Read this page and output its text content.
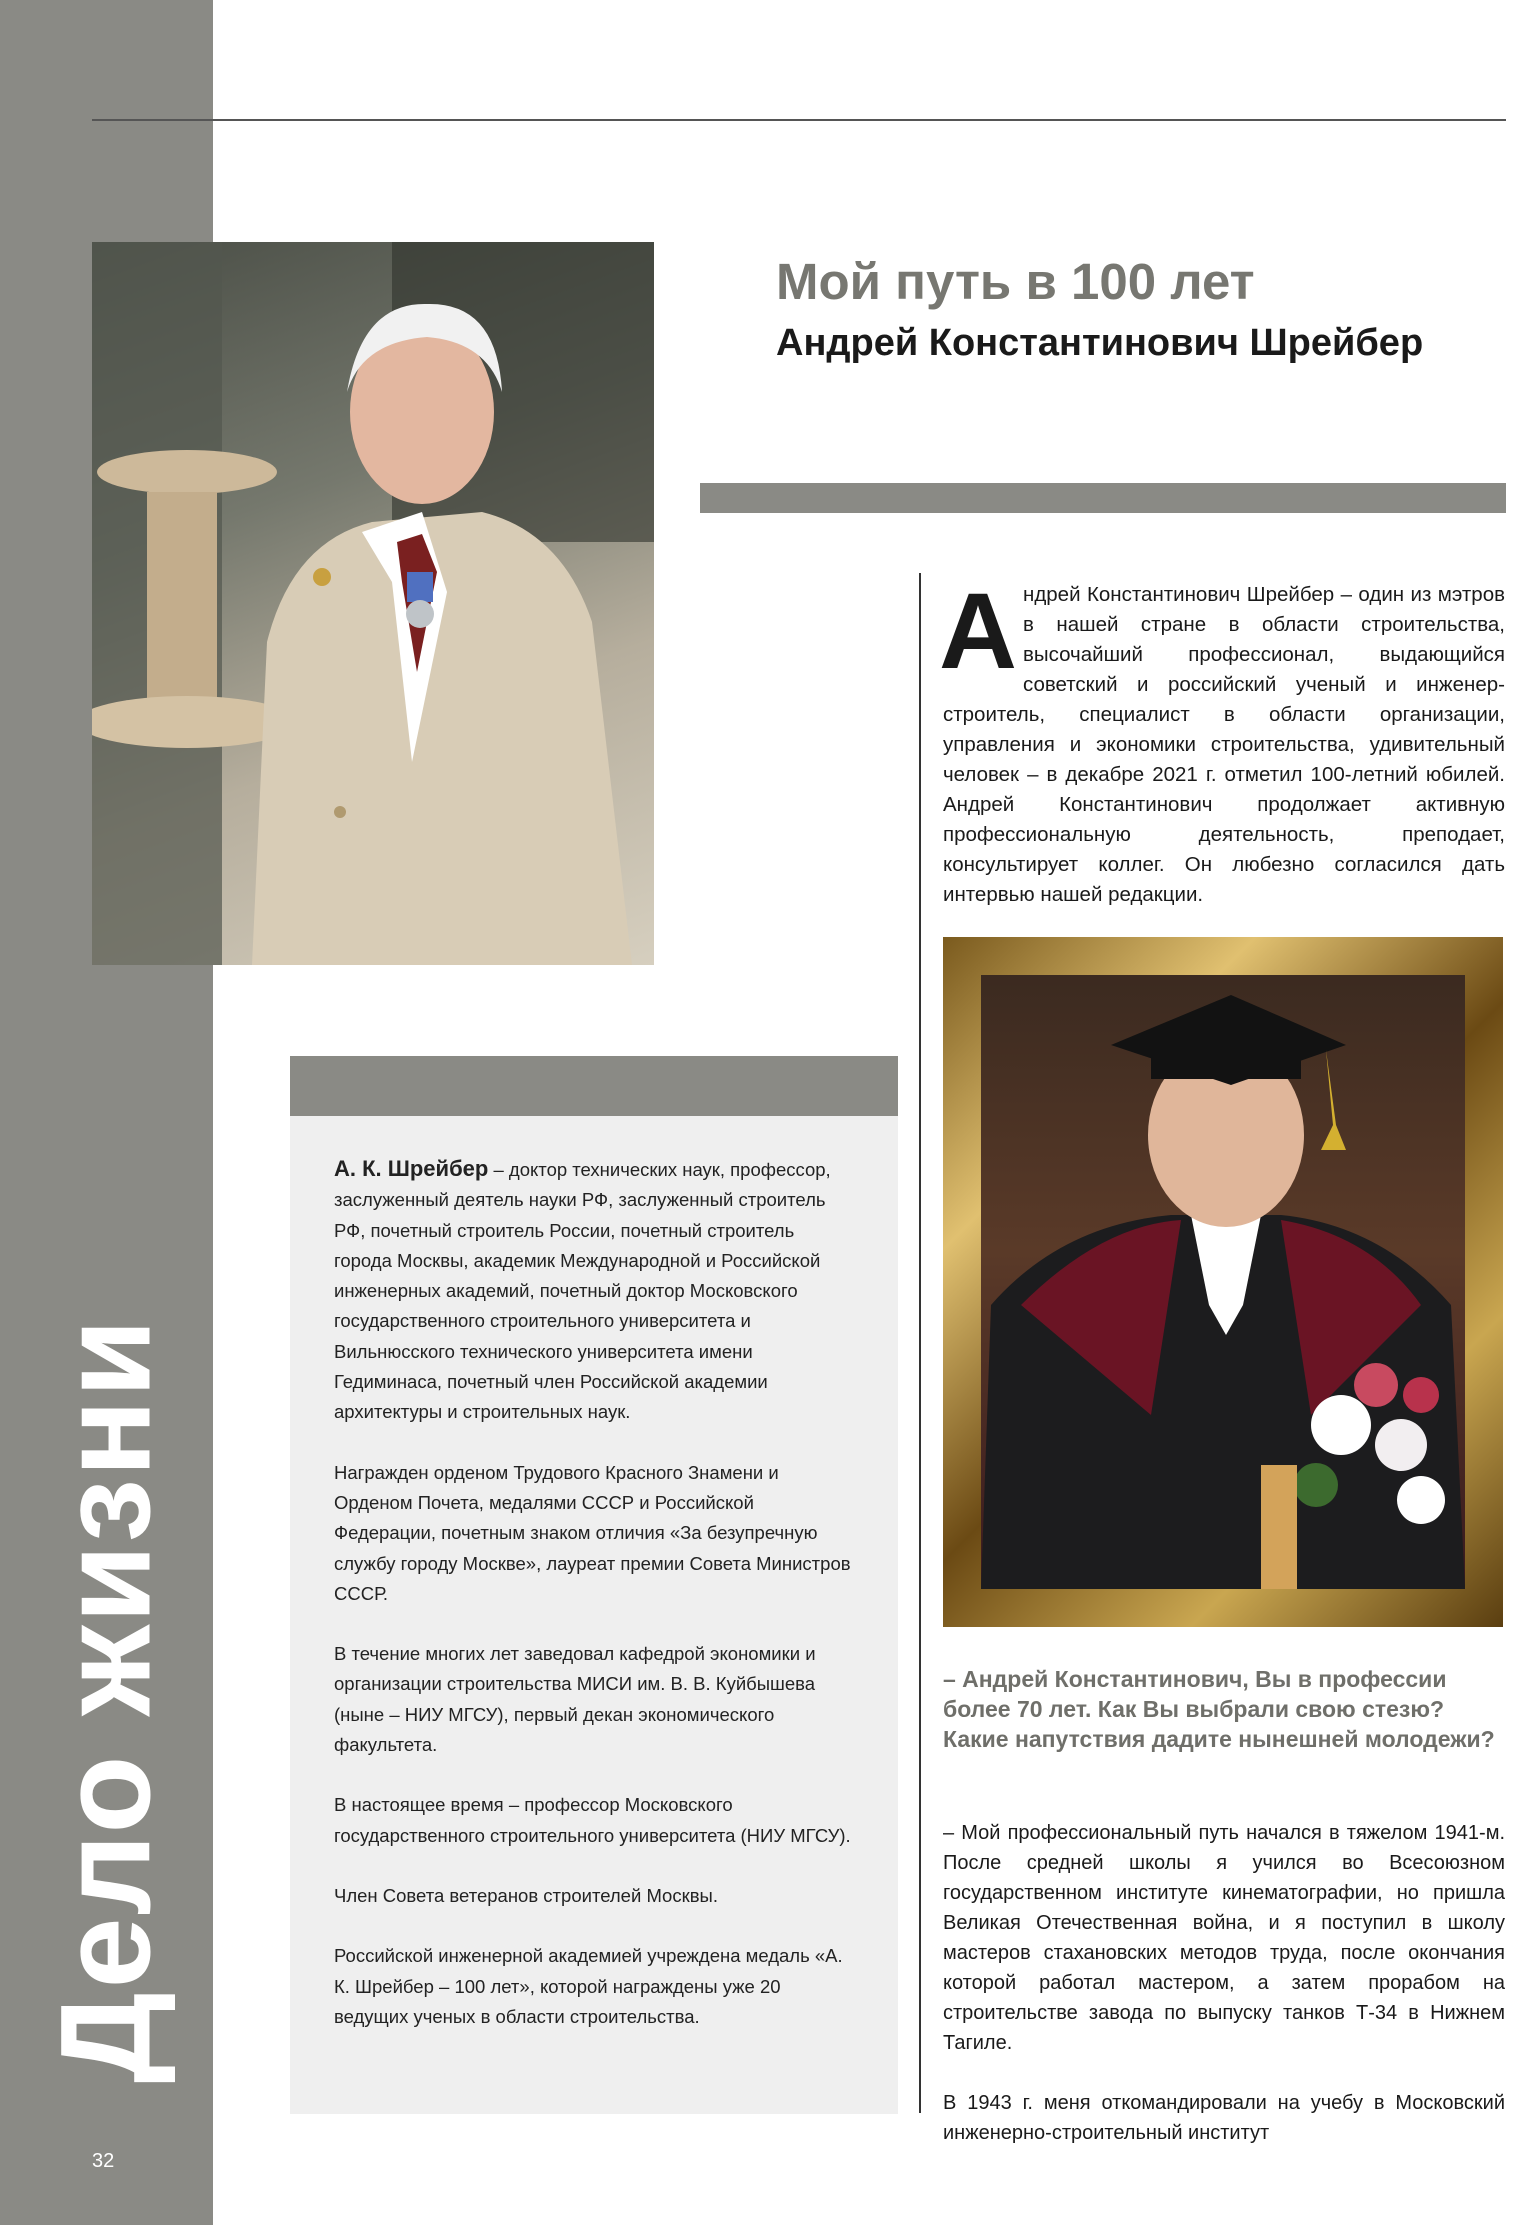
Дело жизни
32
Мой путь в 100 лет
Андрей Константинович Шрейбер

Андрей Константинович Шрейбер – один из мэтров в нашей стране в области строительства, высочайший профессионал, выдающийся советский и российский ученый и инженер-строитель, специалист в области организации, управления и экономики строительства, удивительный человек – в декабре 2021 г. отметил 100-летний юбилей. Андрей Константинович продолжает активную профессиональную деятельность, преподает, консультирует коллег. Он любезно согласился дать интервью нашей редакции.

А. К. Шрейбер – доктор технических наук, профессор, заслуженный деятель науки РФ, заслуженный строитель РФ, почетный строитель России, почетный строитель города Москвы, академик Международной и Российской инженерных академий, почетный доктор Московского государственного строительного университета и Вильнюсского технического университета имени Гедиминаса, почетный член Российской академии архитектуры и строительных наук.

Награжден орденом Трудового Красного Знамени и Орденом Почета, медалями СССР и Российской Федерации, почетным знаком отличия «За безупречную службу городу Москве», лауреат премии Совета Министров СССР.

В течение многих лет заведовал кафедрой экономики и организации строительства МИСИ им. В. В. Куйбышева (ныне – НИУ МГСУ), первый декан экономического факультета.

В настоящее время – профессор Московского государственного строительного университета (НИУ МГСУ).

Член Совета ветеранов строителей Москвы.

Российской инженерной академией учреждена медаль «А. К. Шрейбер – 100 лет», которой награждены уже 20 ведущих ученых в области строительства.

– Андрей Константинович, Вы в профессии более 70 лет. Как Вы выбрали свою стезю? Какие напутствия дадите нынешней молодежи?

– Мой профессиональный путь начался в тяжелом 1941-м. После средней школы я учился во Всесоюзном государственном институте кинематографии, но пришла Великая Отечественная война, и я поступил в школу мастеров стахановских методов труда, после окончания которой работал мастером, а затем прорабом на строительстве завода по выпуску танков Т-34 в Нижнем Тагиле.

В 1943 г. меня откомандировали на учебу в Московский инженерно-строительный институт
